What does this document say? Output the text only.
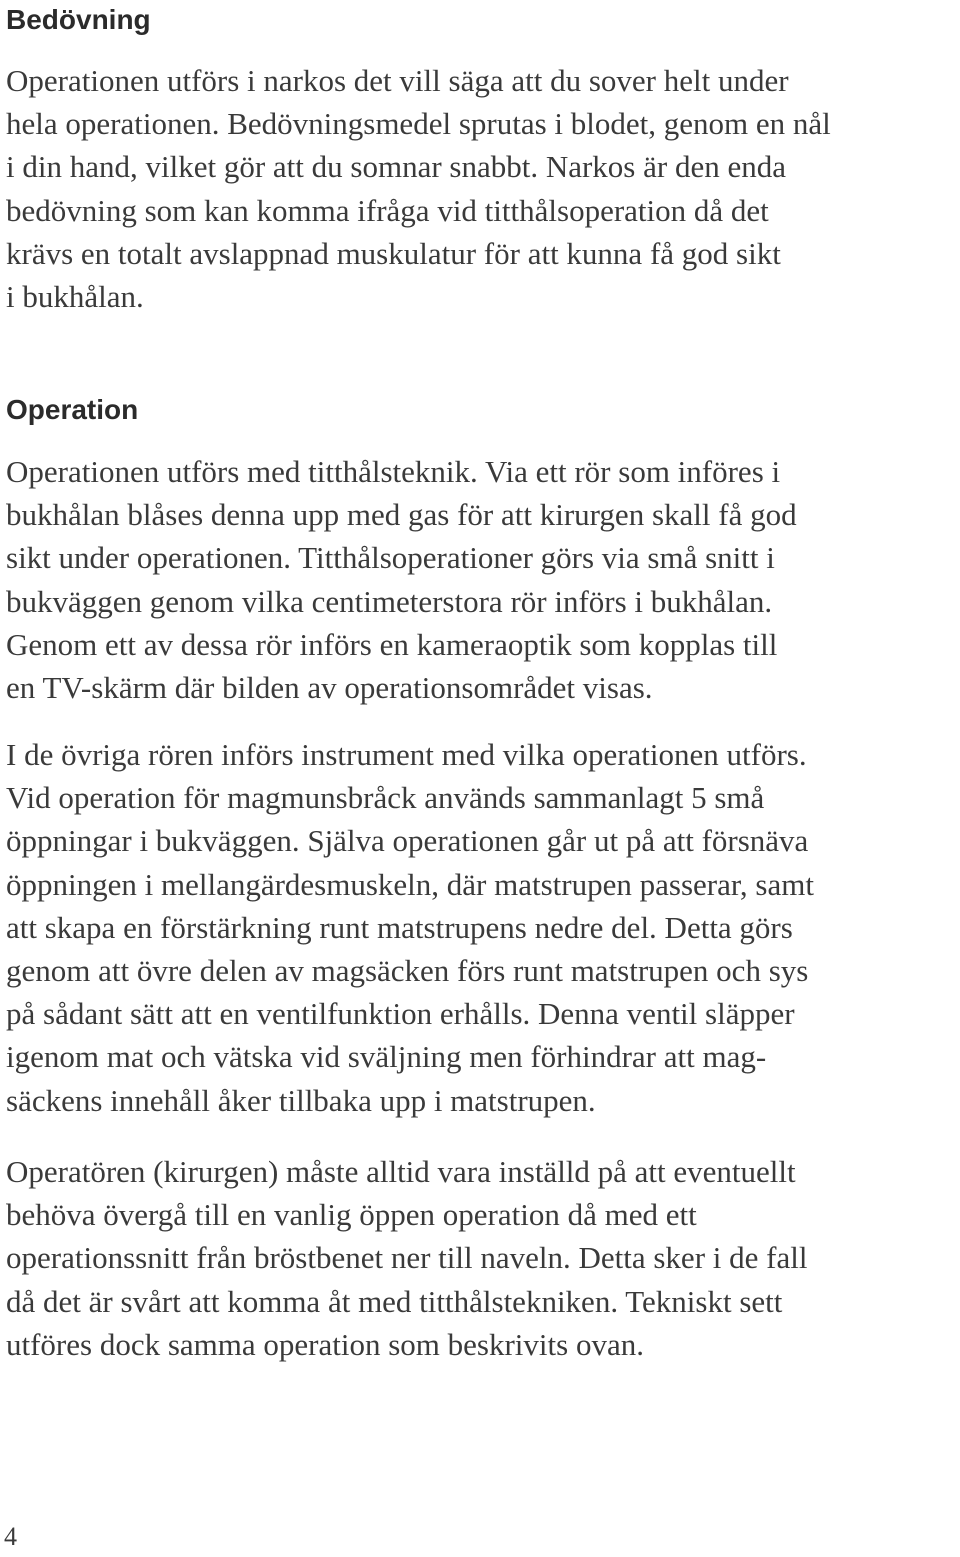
Bedövning

Operationen utförs i narkos det vill säga att du sover helt under
hela operationen. Bedövningsmedel sprutas i blodet, genom en nål
i din hand, vilket gör att du somnar snabbt. Narkos är den enda
bedövning som kan komma ifråga vid titthålsoperation då det
krävs en totalt avslappnad muskulatur för att kunna få god sikt
i bukhålan.

Operation

Operationen utförs med titthålsteknik. Via ett rör som införes i
bukhålan blåses denna upp med gas för att kirurgen skall få god
sikt under operationen. Titthålsoperationer görs via små snitt i
bukväggen genom vilka centimeterstora rör införs i bukhålan.
Genom ett av dessa rör införs en kameraoptik som kopplas till
en TV-skärm där bilden av operationsområdet visas.

I de övriga rören införs instrument med vilka operationen utförs.
Vid operation för magmunsbråck används sammanlagt 5 små
öppningar i bukväggen. Själva operationen går ut på att försnäva
öppningen i mellangärdesmuskeln, där matstrupen passerar, samt
att skapa en förstärkning runt matstrupens nedre del. Detta görs
genom att övre delen av magsäcken förs runt matstrupen och sys
på sådant sätt att en ventilfunktion erhålls. Denna ventil släpper
igenom mat och vätska vid sväljning men förhindrar att mag-
säckens innehåll åker tillbaka upp i matstrupen.

Operatören (kirurgen) måste alltid vara inställd på att eventuellt
behöva övergå till en vanlig öppen operation då med ett
operationssnitt från bröstbenet ner till naveln. Detta sker i de fall
då det är svårt att komma åt med titthålstekniken. Tekniskt sett
utföres dock samma operation som beskrivits ovan.

4
